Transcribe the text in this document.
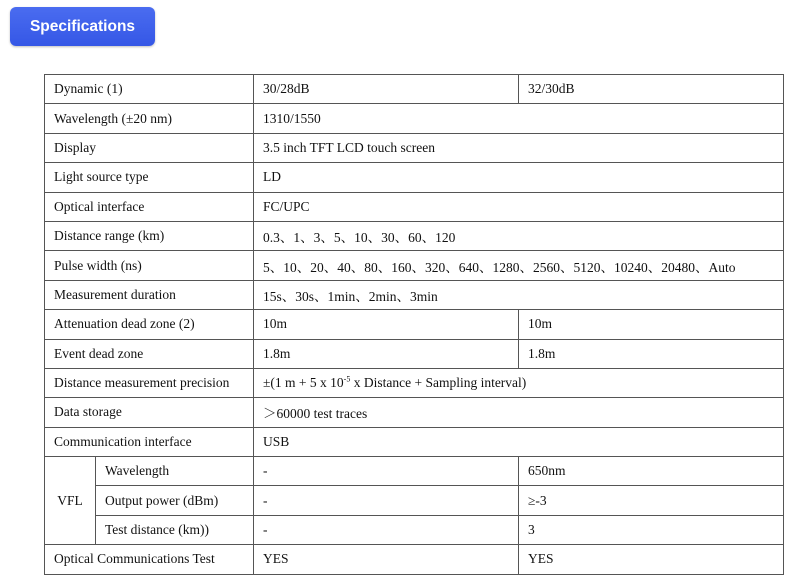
Specifications
Dynamic (1)		30/28dB	32/30dB
Wavelength (±20 nm)		1310/1550	
Display		3.5 inch TFT LCD touch screen	
Light source type		LD	
Optical interface		FC/UPC	
Distance range (km)		0.3、1、3、5、10、30、60、120	
Pulse width (ns)		5、10、20、40、80、160、320、640、1280、2560、5120、10240、20480、Auto	
Measurement duration		15s、30s、1min、2min、3min	
Attenuation dead zone (2)		10m	10m
Event dead zone		1.8m	1.8m
Distance measurement precision		±(1 m + 5 x $10^{-5}$ x Distance + Sampling interval)	
Data storage		＞60000 test traces	
Communication interface		USB	
VFL	Wavelength	-	650nm
	Output power (dBm)	-	≥-3
	Test distance (km))	-	3
Optical Communications Test		YES	YES
